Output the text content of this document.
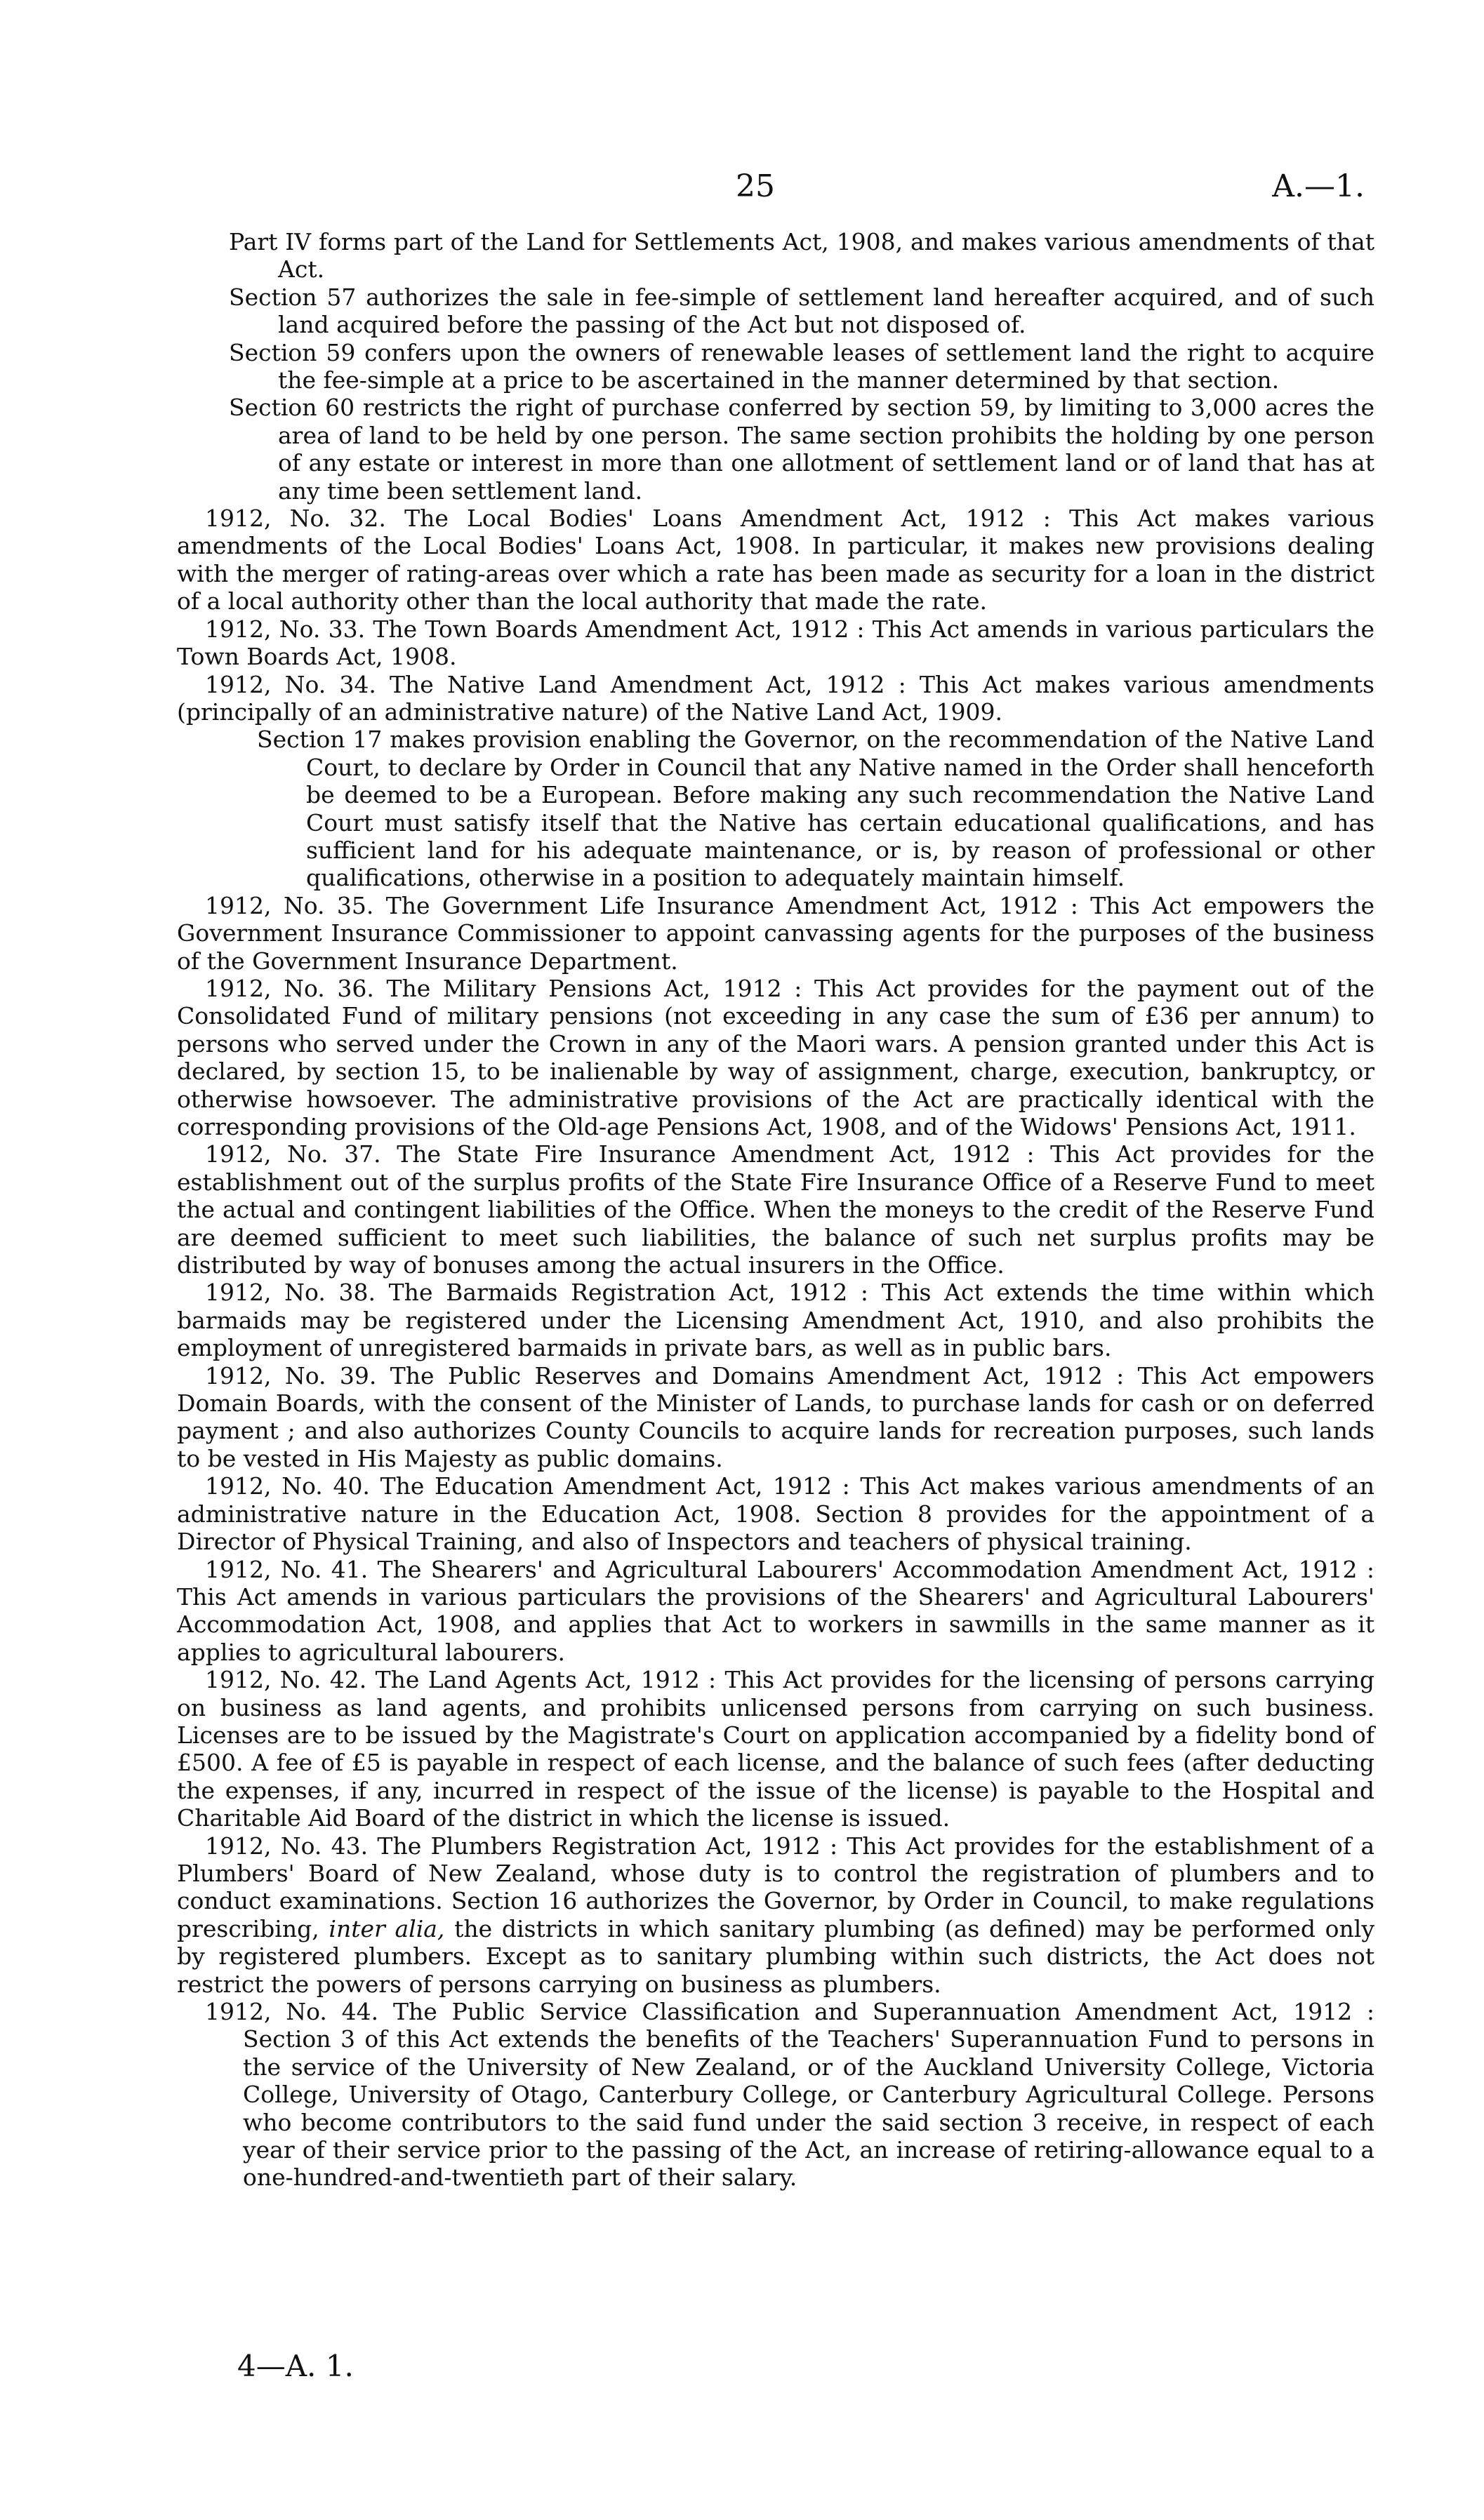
25	A.—1.

Part IV forms part of the Land for Settlements Act, 1908, and makes various amendments of that Act.

Section 57 authorizes the sale in fee-simple of settlement land hereafter acquired, and of such land acquired before the passing of the Act but not disposed of.

Section 59 confers upon the owners of renewable leases of settlement land the right to acquire the fee-simple at a price to be ascertained in the manner determined by that section.

Section 60 restricts the right of purchase conferred by section 59, by limiting to 3,000 acres the area of land to be held by one person. The same section prohibits the holding by one person of any estate or interest in more than one allotment of settlement land or of land that has at any time been settlement land.

1912, No. 32. The Local Bodies' Loans Amendment Act, 1912 : This Act makes various amendments of the Local Bodies' Loans Act, 1908. In particular, it makes new provisions dealing with the merger of rating-areas over which a rate has been made as security for a loan in the district of a local authority other than the local authority that made the rate.

1912, No. 33. The Town Boards Amendment Act, 1912 : This Act amends in various particulars the Town Boards Act, 1908.

1912, No. 34. The Native Land Amendment Act, 1912 : This Act makes various amendments (principally of an administrative nature) of the Native Land Act, 1909.

Section 17 makes provision enabling the Governor, on the recommendation of the Native Land Court, to declare by Order in Council that any Native named in the Order shall henceforth be deemed to be a European. Before making any such recommendation the Native Land Court must satisfy itself that the Native has certain educational qualifications, and has sufficient land for his adequate maintenance, or is, by reason of professional or other qualifications, otherwise in a position to adequately maintain himself.

1912, No. 35. The Government Life Insurance Amendment Act, 1912 : This Act empowers the Government Insurance Commissioner to appoint canvassing agents for the purposes of the business of the Government Insurance Department.

1912, No. 36. The Military Pensions Act, 1912 : This Act provides for the payment out of the Consolidated Fund of military pensions (not exceeding in any case the sum of £36 per annum) to persons who served under the Crown in any of the Maori wars. A pension granted under this Act is declared, by section 15, to be inalienable by way of assignment, charge, execution, bankruptcy, or otherwise howsoever. The administrative provisions of the Act are practically identical with the corresponding provisions of the Old-age Pensions Act, 1908, and of the Widows' Pensions Act, 1911.

1912, No. 37. The State Fire Insurance Amendment Act, 1912 : This Act provides for the establishment out of the surplus profits of the State Fire Insurance Office of a Reserve Fund to meet the actual and contingent liabilities of the Office. When the moneys to the credit of the Reserve Fund are deemed sufficient to meet such liabilities, the balance of such net surplus profits may be distributed by way of bonuses among the actual insurers in the Office.

1912, No. 38. The Barmaids Registration Act, 1912 : This Act extends the time within which barmaids may be registered under the Licensing Amendment Act, 1910, and also prohibits the employment of unregistered barmaids in private bars, as well as in public bars.

1912, No. 39. The Public Reserves and Domains Amendment Act, 1912 : This Act empowers Domain Boards, with the consent of the Minister of Lands, to purchase lands for cash or on deferred payment ; and also authorizes County Councils to acquire lands for recreation purposes, such lands to be vested in His Majesty as public domains.

1912, No. 40. The Education Amendment Act, 1912 : This Act makes various amendments of an administrative nature in the Education Act, 1908. Section 8 provides for the appointment of a Director of Physical Training, and also of Inspectors and teachers of physical training.

1912, No. 41. The Shearers' and Agricultural Labourers' Accommodation Amendment Act, 1912 : This Act amends in various particulars the provisions of the Shearers' and Agricultural Labourers' Accommodation Act, 1908, and applies that Act to workers in sawmills in the same manner as it applies to agricultural labourers.

1912, No. 42. The Land Agents Act, 1912 : This Act provides for the licensing of persons carrying on business as land agents, and prohibits unlicensed persons from carrying on such business. Licenses are to be issued by the Magistrate's Court on application accompanied by a fidelity bond of £500. A fee of £5 is payable in respect of each license, and the balance of such fees (after deducting the expenses, if any, incurred in respect of the issue of the license) is payable to the Hospital and Charitable Aid Board of the district in which the license is issued.

1912, No. 43. The Plumbers Registration Act, 1912 : This Act provides for the establishment of a Plumbers' Board of New Zealand, whose duty is to control the registration of plumbers and to conduct examinations. Section 16 authorizes the Governor, by Order in Council, to make regulations prescribing, inter alia, the districts in which sanitary plumbing (as defined) may be performed only by registered plumbers. Except as to sanitary plumbing within such districts, the Act does not restrict the powers of persons carrying on business as plumbers.

1912, No. 44. The Public Service Classification and Superannuation Amendment Act, 1912 : Section 3 of this Act extends the benefits of the Teachers' Superannuation Fund to persons in the service of the University of New Zealand, or of the Auckland University College, Victoria College, University of Otago, Canterbury College, or Canterbury Agricultural College. Persons who become contributors to the said fund under the said section 3 receive, in respect of each year of their service prior to the passing of the Act, an increase of retiring-allowance equal to a one-hundred-and-twentieth part of their salary.

4—A. 1.
